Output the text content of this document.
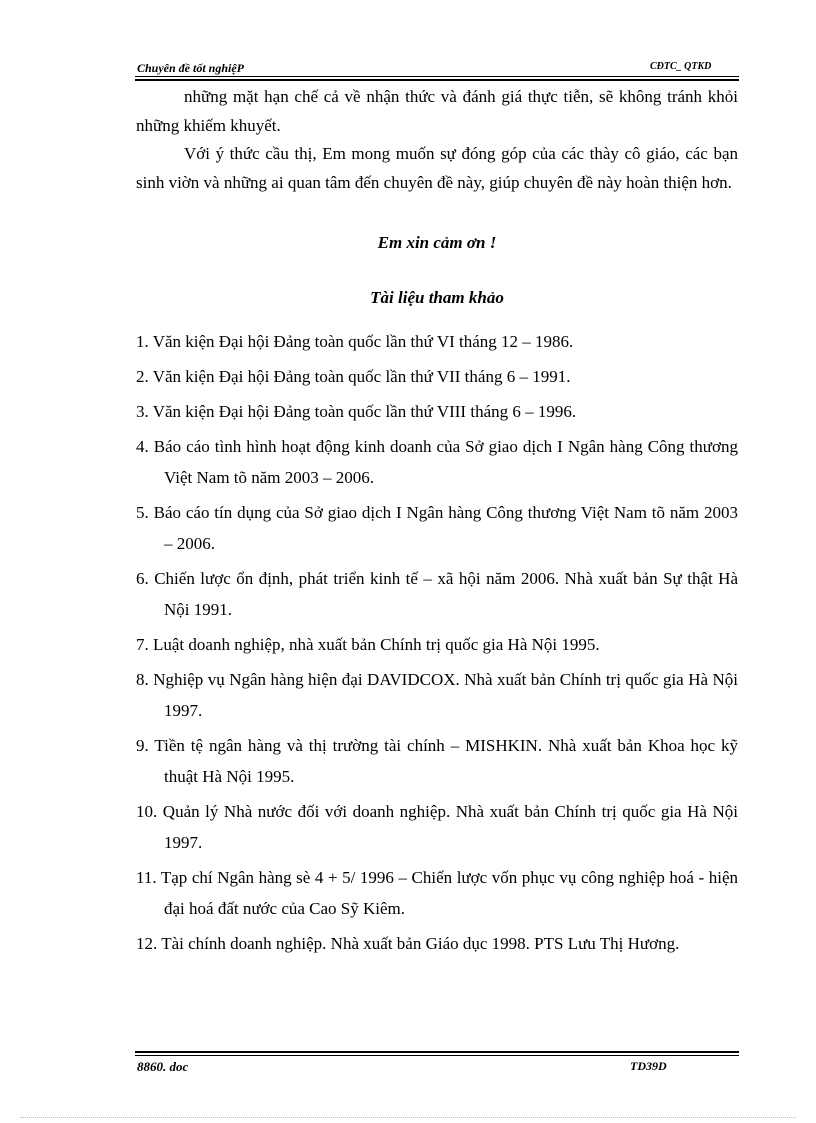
Chuyên đề tốt nghiệP	CĐTC_ QTKD

những mặt hạn chế cả về nhận thức và đánh giá thực tiễn, sẽ không tránh khỏi những khiếm khuyết.

Với ý thức cầu thị, Em mong muốn sự đóng góp của các thày cô giáo, các bạn sinh viờn và những ai quan tâm đến chuyên đề này, giúp chuyên đề này hoàn thiện hơn.

Em xin cảm ơn !

Tài liệu tham khảo

1. Văn kiện Đại hội Đảng toàn quốc lần thứ VI tháng 12 – 1986.
2. Văn kiện Đại hội Đảng toàn quốc lần thứ VII tháng 6 – 1991.
3. Văn kiện Đại hội Đảng toàn quốc lần thứ VIII tháng 6 – 1996.
4. Báo cáo tình hình hoạt động kinh doanh của Sở giao dịch I Ngân hàng Công thương Việt Nam tõ năm 2003 – 2006.
5. Báo cáo tín dụng của Sở giao dịch I Ngân hàng Công thương Việt Nam tõ năm 2003 – 2006.
6. Chiến lược ổn định, phát triển kinh tế – xã hội năm 2006. Nhà xuất bản Sự thật Hà Nội 1991.
7. Luật doanh nghiệp, nhà xuất bản Chính trị quốc gia Hà Nội 1995.
8. Nghiệp vụ Ngân hàng hiện đại DAVIDCOX. Nhà xuất bản Chính trị quốc gia Hà Nội 1997.
9. Tiền tệ ngân hàng và thị trường tài chính – MISHKIN. Nhà xuất bản Khoa học kỹ thuật Hà Nội 1995.
10. Quản lý Nhà nước đối với doanh nghiệp. Nhà xuất bản Chính trị quốc gia Hà Nội 1997.
11. Tạp chí Ngân hàng sè 4 + 5/ 1996 – Chiến lược vốn phục vụ công nghiệp hoá - hiện đại hoá đất nước của Cao Sỹ Kiêm.
12. Tài chính doanh nghiệp. Nhà xuất bản Giáo dục 1998. PTS Lưu Thị Hương.
8860. doc	TD39D
